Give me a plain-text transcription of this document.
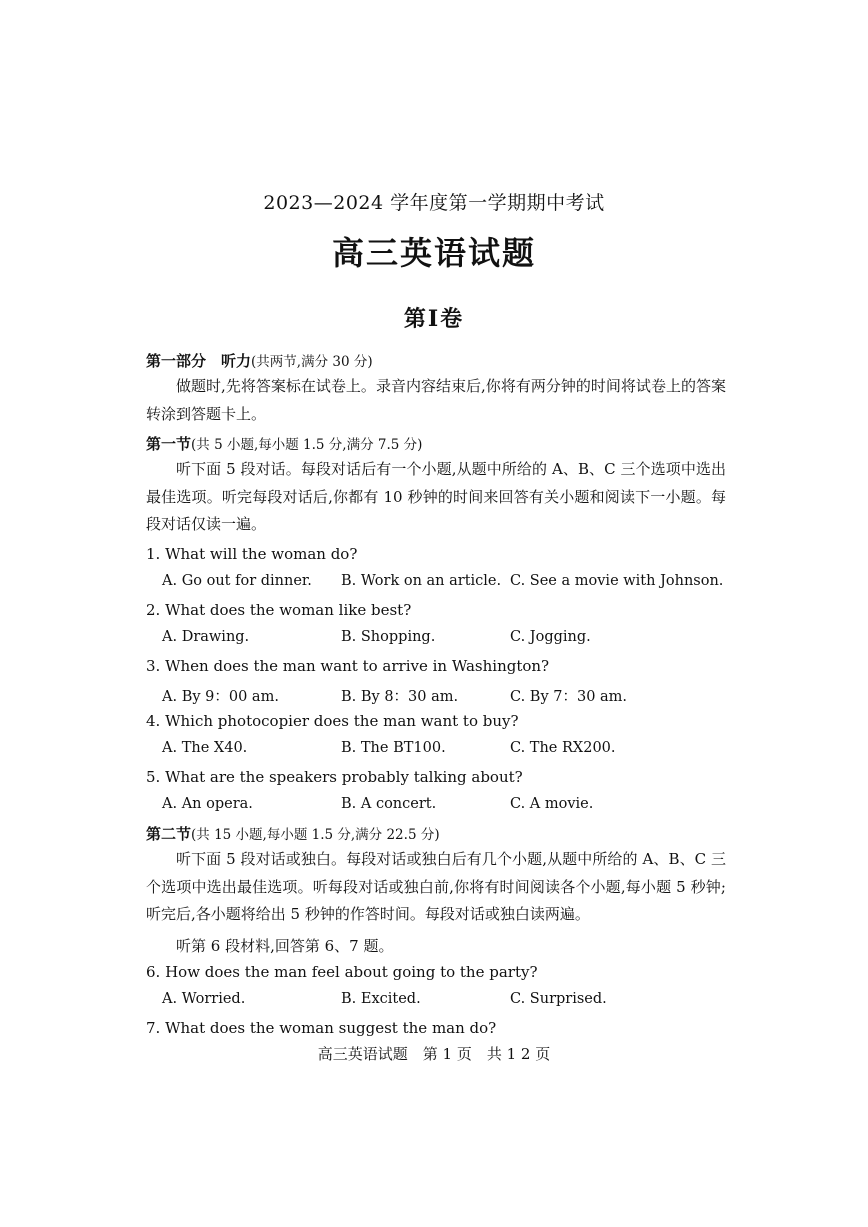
2023—2024 学年度第一学期期中考试
高三英语试题
第Ⅰ卷
第一部分　听力(共两节,满分 30 分)
做题时,先将答案标在试卷上。录音内容结束后,你将有两分钟的时间将试卷上的答案转涂到答题卡上。
第一节(共 5 小题,每小题 1.5 分,满分 7.5 分)
听下面 5 段对话。每段对话后有一个小题,从题中所给的 A、B、C 三个选项中选出最佳选项。听完每段对话后,你都有 10 秒钟的时间来回答有关小题和阅读下一小题。每段对话仅读一遍。
1. What will the woman do?
A. Go out for dinner. B. Work on an article. C. See a movie with Johnson.
2. What does the woman like best?
A. Drawing.	B. Shopping.	C. Jogging.
3. When does the man want to arrive in Washington?
A. By 9：00 am.	B. By 8：30 am.	C. By 7：30 am.
4. Which photocopier does the man want to buy?
A. The X40.	B. The BT100.	C. The RX200.
5. What are the speakers probably talking about?
A. An opera.	B. A concert.	C. A movie.
第二节(共 15 小题,每小题 1.5 分,满分 22.5 分)
听下面 5 段对话或独白。每段对话或独白后有几个小题,从题中所给的 A、B、C 三个选项中选出最佳选项。听每段对话或独白前,你将有时间阅读各个小题,每小题 5 秒钟;听完后,各小题将给出 5 秒钟的作答时间。每段对话或独白读两遍。
听第 6 段材料,回答第 6、7 题。
6. How does the man feel about going to the party?
A. Worried.	B. Excited.	C. Surprised.
7. What does the woman suggest the man do?
高三英语试题　第 1 页　共 1 2 页
